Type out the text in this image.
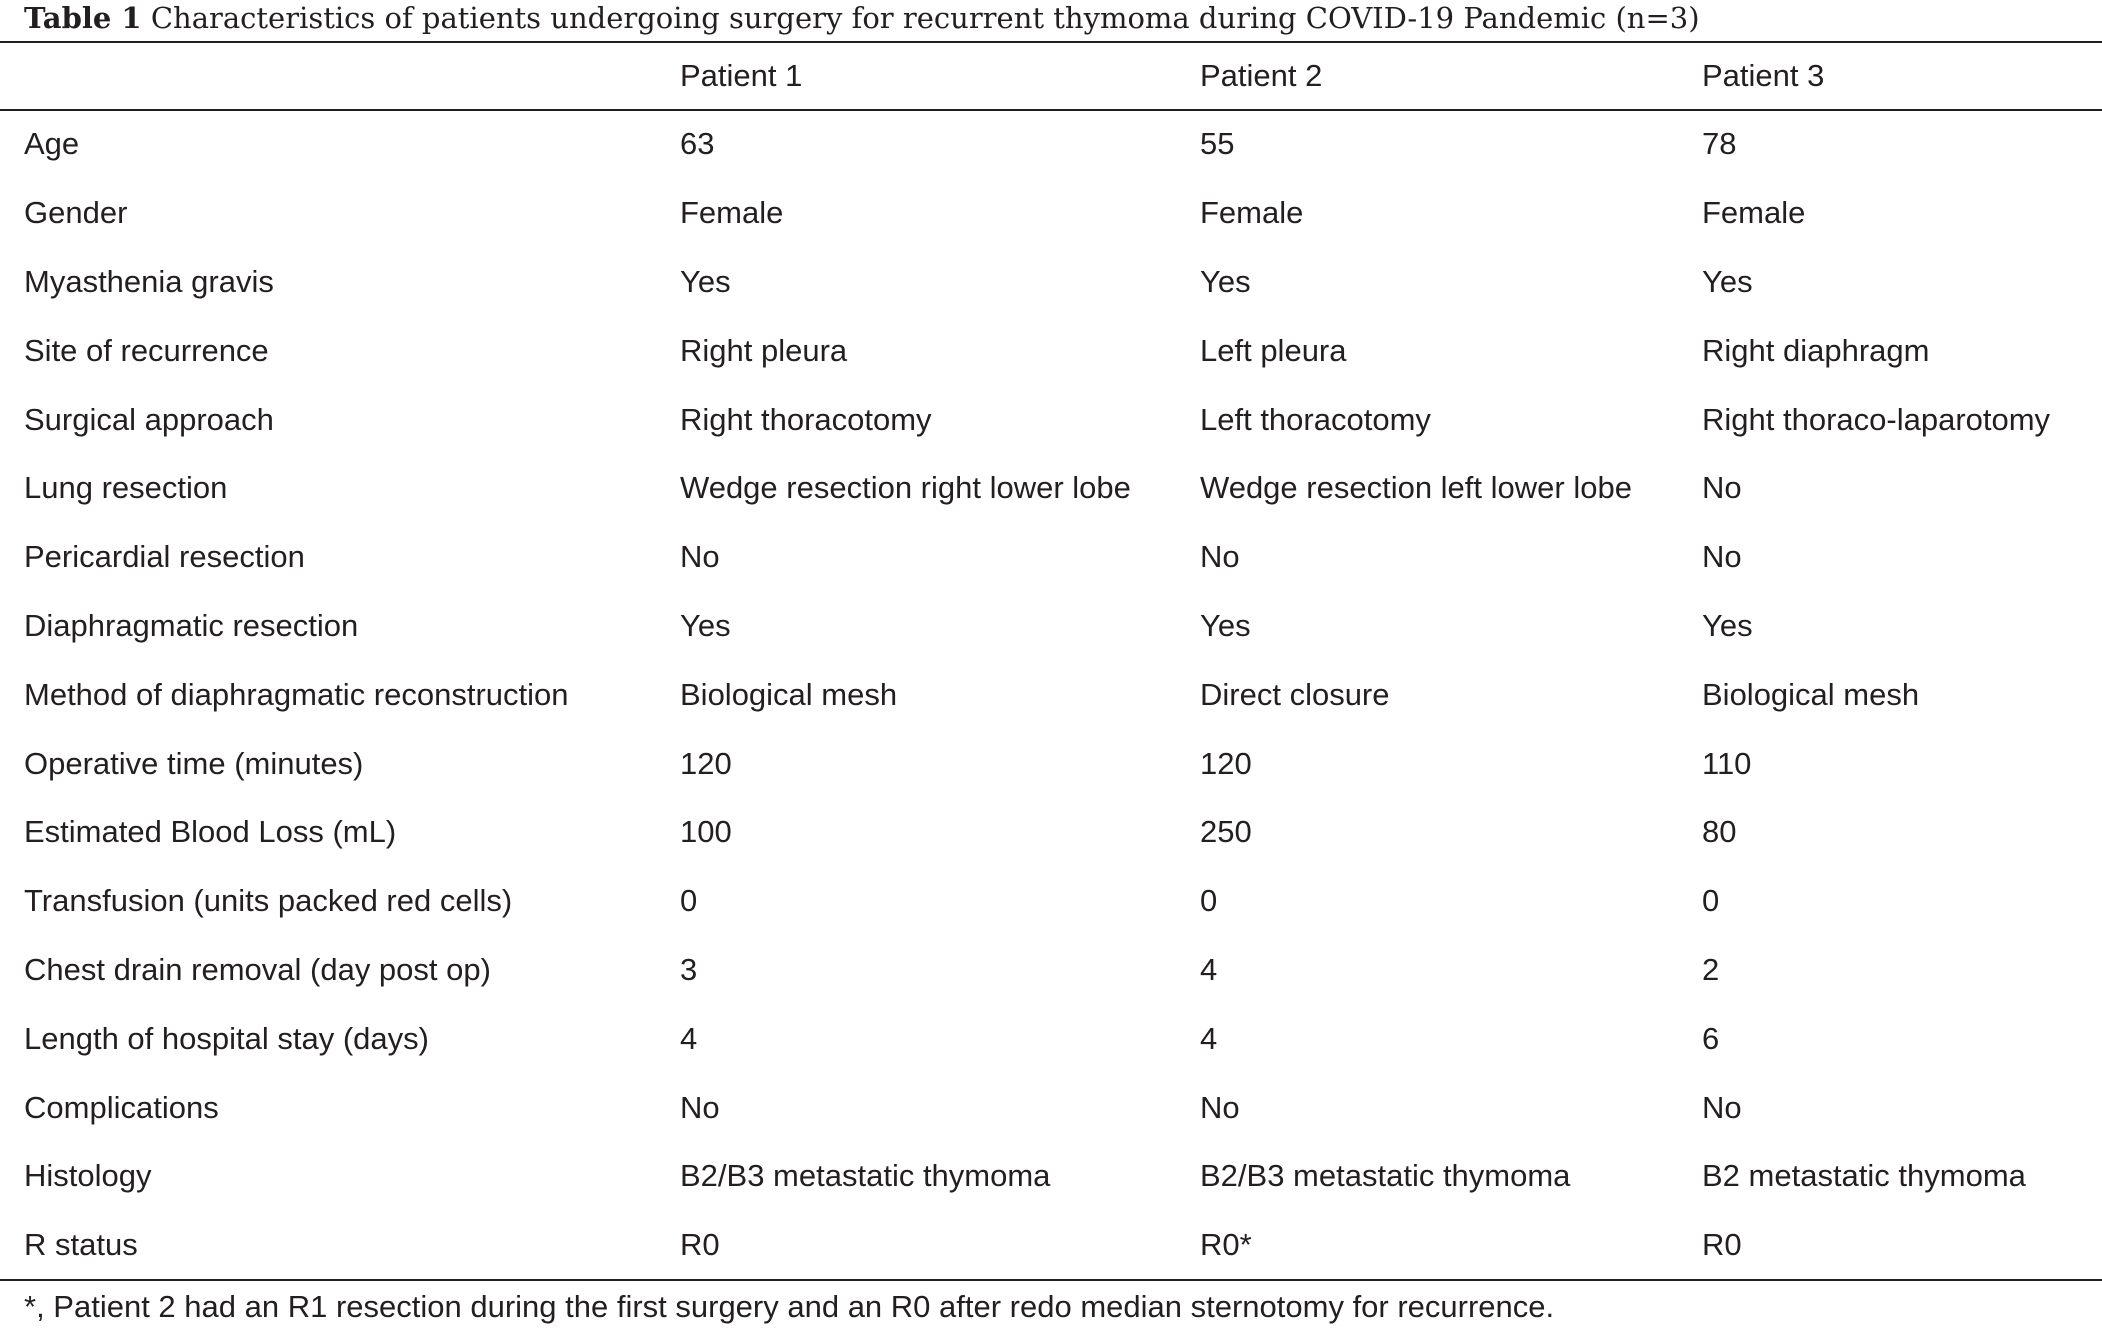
Table 1 Characteristics of patients undergoing surgery for recurrent thymoma during COVID-19 Pandemic (n=3)
	Patient 1	Patient 2	Patient 3
Age	63	55	78
Gender	Female	Female	Female
Myasthenia gravis	Yes	Yes	Yes
Site of recurrence	Right pleura	Left pleura	Right diaphragm
Surgical approach	Right thoracotomy	Left thoracotomy	Right thoraco-laparotomy
Lung resection	Wedge resection right lower lobe	Wedge resection left lower lobe	No
Pericardial resection	No	No	No
Diaphragmatic resection	Yes	Yes	Yes
Method of diaphragmatic reconstruction	Biological mesh	Direct closure	Biological mesh
Operative time (minutes)	120	120	110
Estimated Blood Loss (mL)	100	250	80
Transfusion (units packed red cells)	0	0	0
Chest drain removal (day post op)	3	4	2
Length of hospital stay (days)	4	4	6
Complications	No	No	No
Histology	B2/B3 metastatic thymoma	B2/B3 metastatic thymoma	B2 metastatic thymoma
R status	R0	R0*	R0
*, Patient 2 had an R1 resection during the first surgery and an R0 after redo median sternotomy for recurrence.
